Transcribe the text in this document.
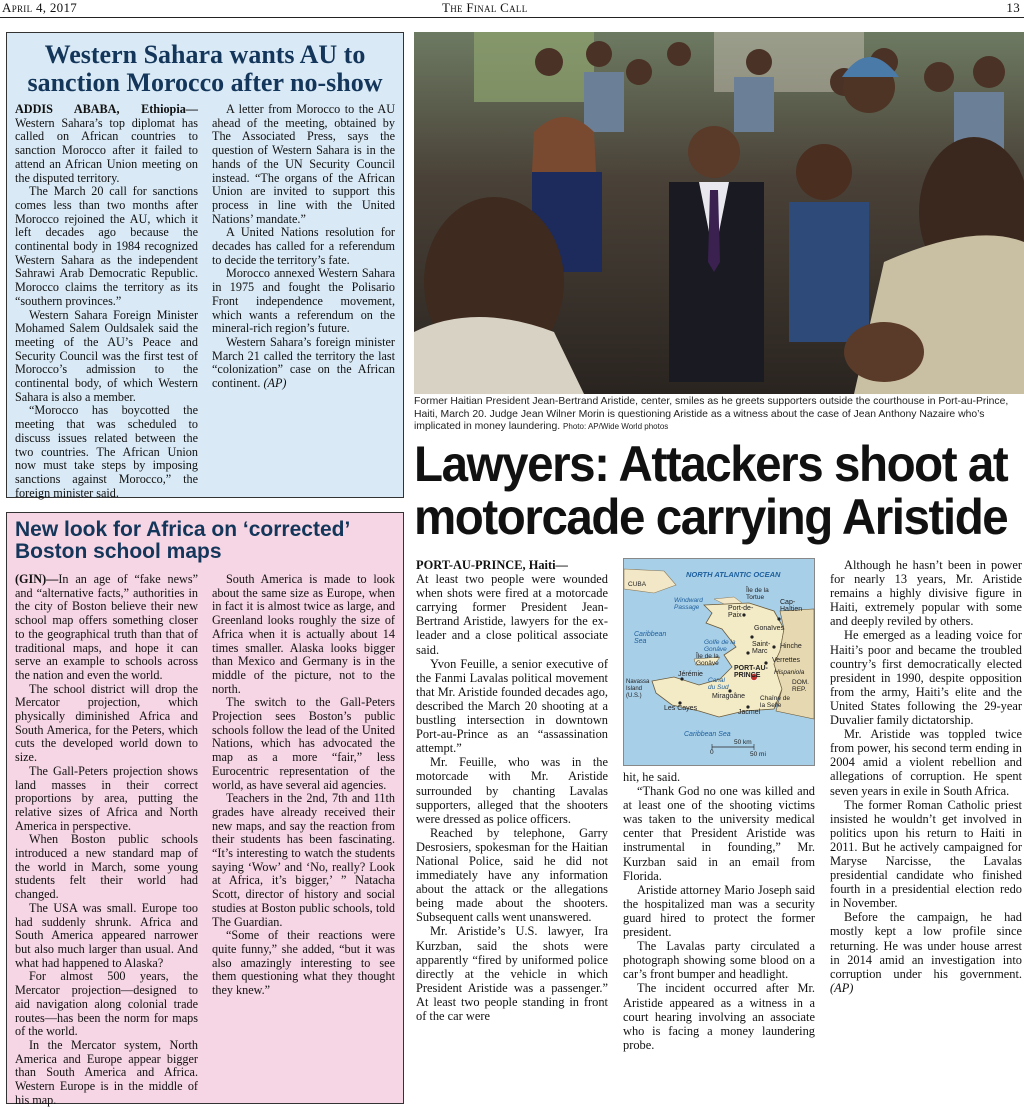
April 4, 2017	The Final Call	13
Western Sahara wants AU to sanction Morocco after no-show

ADDIS ABABA, Ethiopia—Western Sahara’s top diplomat has called on African countries to sanction Morocco after it failed to attend an African Union meeting on the disputed territory.

The March 20 call for sanctions comes less than two months after Morocco rejoined the AU, which it left decades ago because the continental body in 1984 recognized Western Sahara as the independent Sahrawi Arab Democratic Republic. Morocco claims the territory as its “southern provinces.”

Western Sahara Foreign Minister Mohamed Salem Ouldsalek said the meeting of the AU’s Peace and Security Council was the first test of Morocco’s admission to the continental body, of which Western Sahara is also a member.

“Morocco has boycotted the meeting that was scheduled to discuss issues related between the two countries. The African Union now must take steps by imposing sanctions against Morocco,” the foreign minister said.

A letter from Morocco to the AU ahead of the meeting, obtained by The Associated Press, says the question of Western Sahara is in the hands of the UN Security Council instead. “The organs of the African Union are invited to support this process in line with the United Nations’ mandate.”

A United Nations resolution for decades has called for a referendum to decide the territory’s fate.

Morocco annexed Western Sahara in 1975 and fought the Polisario Front independence movement, which wants a referendum on the mineral-rich region’s future.

Western Sahara’s foreign minister March 21 called the territory the last “colonization” case on the African continent. (AP)

New look for Africa on ‘corrected’ Boston school maps

(GIN)—In an age of “fake news” and “alternative facts,” authorities in the city of Boston believe their new school map offers something closer to the geographical truth than that of traditional maps, and hope it can serve an example to schools across the nation and even the world.

The school district will drop the Mercator projection, which physically diminished Africa and South America, for the Peters, which cuts the developed world down to size.

The Gall-Peters projection shows land masses in their correct proportions by area, putting the relative sizes of Africa and North America in perspective.

When Boston public schools introduced a new standard map of the world in March, some young students felt their world had changed.

The USA was small. Europe too had suddenly shrunk. Africa and South America appeared narrower but also much larger than usual. And what had happened to Alaska?

For almost 500 years, the Mercator projection—designed to aid navigation along colonial trade routes—has been the norm for maps of the world.

In the Mercator system, North America and Europe appear bigger than South America and Africa. Western Europe is in the middle of his map.

South America is made to look about the same size as Europe, when in fact it is almost twice as large, and Greenland looks roughly the size of Africa when it is actually about 14 times smaller. Alaska looks bigger than Mexico and Germany is in the middle of the picture, not to the north.

The switch to the Gall-Peters Projection sees Boston’s public schools follow the lead of the United Nations, which has advocated the map as a more “fair,” less Eurocentric representation of the world, as have several aid agencies.

Teachers in the 2nd, 7th and 11th grades have already received their new maps, and say the reaction from their students has been fascinating. “It’s interesting to watch the students saying ‘Wow’ and ‘No, really? Look at Africa, it’s bigger,’ ” Natacha Scott, director of history and social studies at Boston public schools, told The Guardian.

“Some of their reactions were quite funny,” she added, “but it was also amazingly interesting to see them questioning what they thought they knew.”

Former Haitian President Jean-Bertrand Aristide, center, smiles as he greets supporters outside the courthouse in Port-au-Prince, Haiti, March 20. Judge Jean Wilner Morin is questioning Aristide as a witness about the case of Jean Anthony Nazaire who’s implicated in money laundering. Photo: AP/Wide World photos
Lawyers: Attackers shoot at
motorcade carrying Aristide

PORT-AU-PRINCE, Haiti—
At least two people were wounded when shots were fired at a motorcade carrying former President Jean-Bertrand Aristide, lawyers for the ex-leader and a close political associate said.

Yvon Feuille, a senior executive of the Fanmi Lavalas political movement that Mr. Aristide founded decades ago, described the March 20 shooting at a bustling intersection in downtown Port-au-Prince as an “assassination attempt.”

Mr. Feuille, who was in the motorcade with Mr. Aristide surrounded by chanting Lavalas supporters, alleged that the shooters were dressed as police officers.

Reached by telephone, Garry Desrosiers, spokesman for the Haitian National Police, said he did not immediately have any information about the attack or the allegations being made about the shooters. Subsequent calls went unanswered.

Mr. Aristide’s U.S. lawyer, Ira Kurzban, said the shots were apparently “fired by uniformed police directly at the vehicle in which President Aristide was a passenger.” At least two people standing in front of the car were

NORTH ATLANTIC OCEAN
CUBA
Windward Passage
Île de la Tortue
Port-de-Paix
Cap-Haïtien
Gonaïves
Caribbean Sea	Golfe de la Gonâve
Saint-Marc
Hinche
Verrettes
Île de la Gonâve
Jérémie
PORT-AU-PRINCE	Hispaniola
DOM. REP.
Navassa Island (U.S.)
Canal du Sud
Miragoâne
Les Cayes
Jacmel
Chaîne de la Selle
Caribbean Sea
0
50 km
50 mi

hit, he said.

“Thank God no one was killed and at least one of the shooting victims was taken to the university medical center that President Aristide was instrumental in founding,” Mr. Kurzban said in an email from Florida.

Aristide attorney Mario Joseph said the hospitalized man was a security guard hired to protect the former president.

The Lavalas party circulated a photograph showing some blood on a car’s front bumper and headlight.

The incident occurred after Mr. Aristide appeared as a witness in a court hearing involving an associate who is facing a money laundering probe.

Although he hasn’t been in power for nearly 13 years, Mr. Aristide remains a highly divisive figure in Haiti, extremely popular with some and deeply reviled by others.

He emerged as a leading voice for Haiti’s poor and became the troubled country’s first democratically elected president in 1990, despite opposition from the army, Haiti’s elite and the United States following the 29-year Duvalier family dictatorship.

Mr. Aristide was toppled twice from power, his second term ending in 2004 amid a violent rebellion and allegations of corruption. He spent seven years in exile in South Africa.

The former Roman Catholic priest insisted he wouldn’t get involved in politics upon his return to Haiti in 2011. But he actively campaigned for Maryse Narcisse, the Lavalas presidential candidate who finished fourth in a presidential election redo in November.

Before the campaign, he had mostly kept a low profile since returning. He was under house arrest in 2014 amid an investigation into corruption under his government. (AP)
